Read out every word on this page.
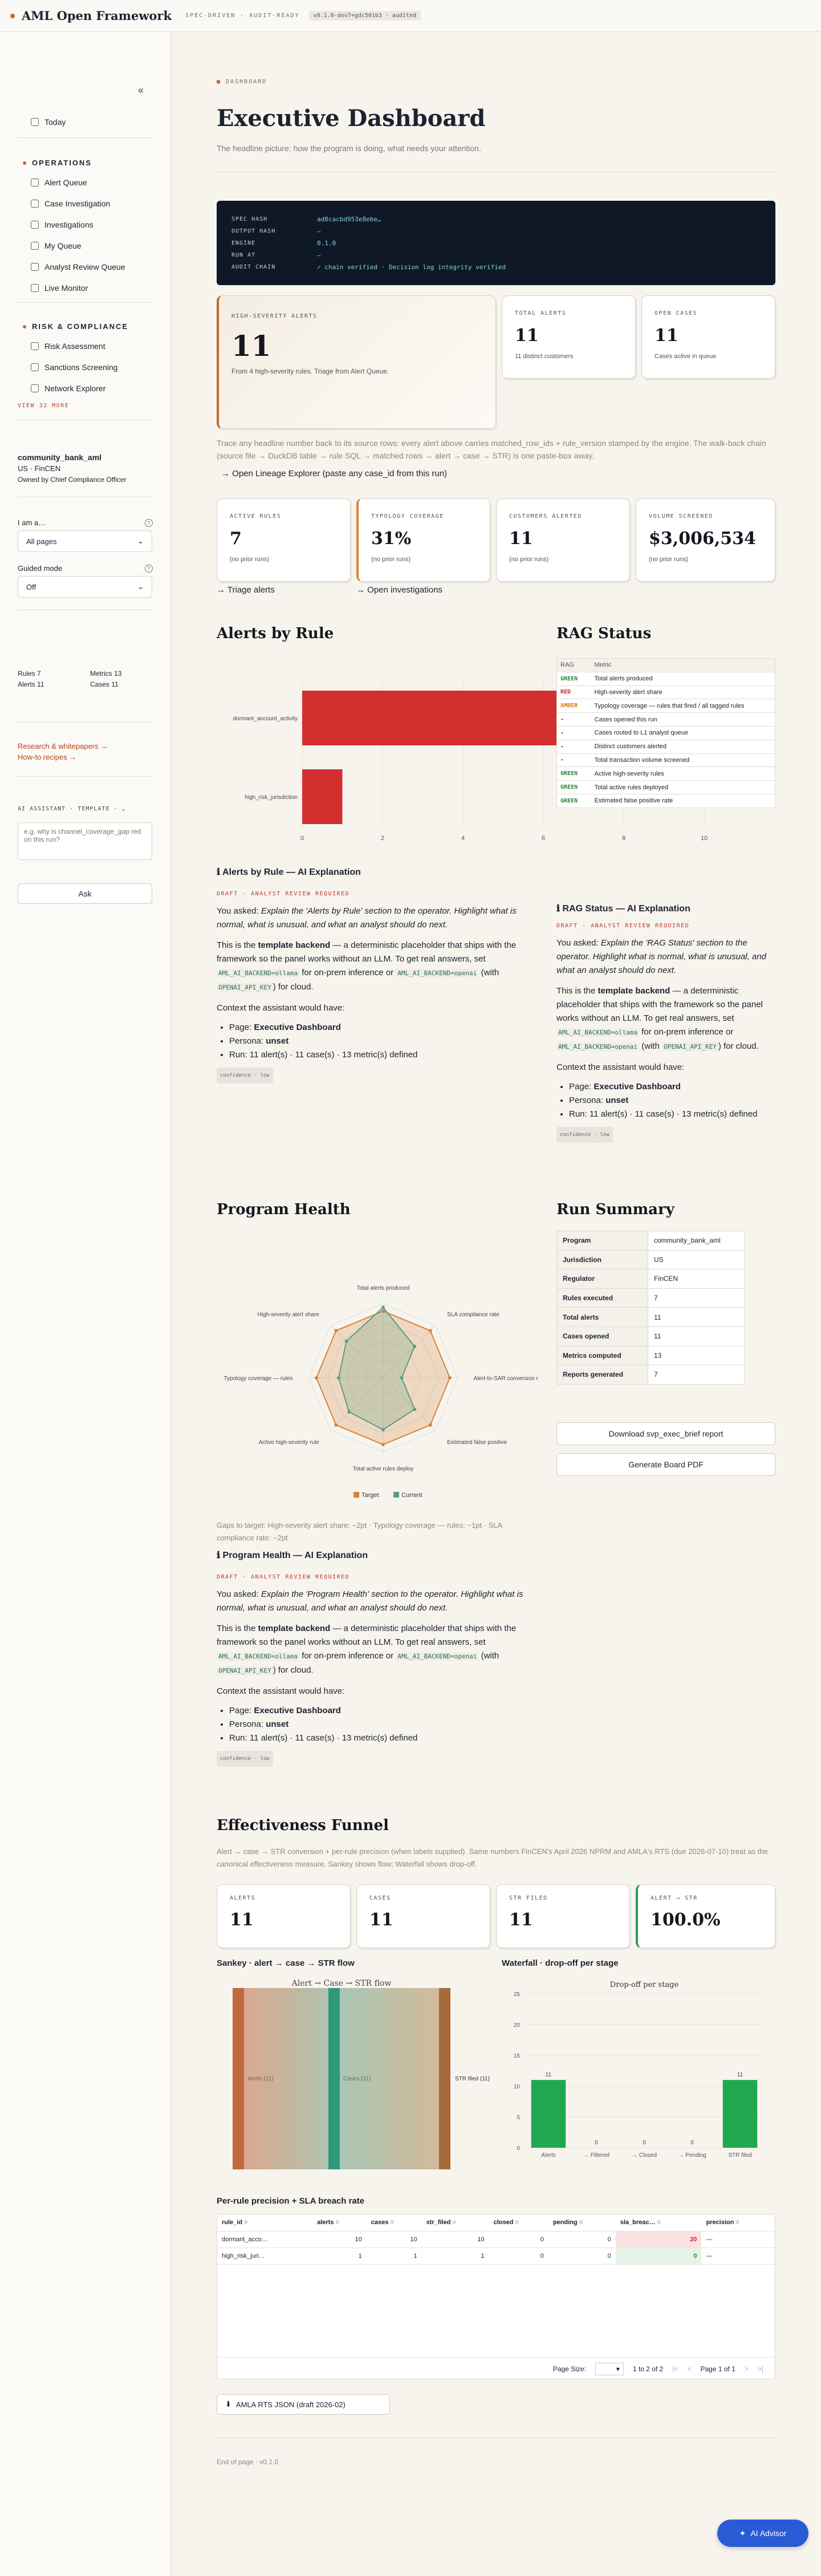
AML Open Framework SPEC-DRIVEN · AUDIT-READY	v0.1.0·dev7+gdc501b3 · audited
«
Today
OPERATIONS
Alert Queue
Case Investigation
Investigations
My Queue
Analyst Review Queue
Live Monitor
RISK & COMPLIANCE
Risk Assessment
Sanctions Screening
Network Explorer
VIEW 32 MORE
community_bank_aml
US · FinCEN
Owned by Chief Compliance Officer
I am a…	?
All pages	⌄
Guided mode	?
Off	⌄
Rules 7	Metrics 13
Alerts 11	Cases 11
Research & whitepapers →
How-to recipes →
AI ASSISTANT · TEMPLATE · ⌄
e.g. why is channel_coverage_gap red on this run?
Ask
■ DASHBOARD
Executive Dashboard
The headline picture: how the program is doing, what needs your attention.
SPEC HASH	ad0cacbd953e8ebe…
OUTPUT HASH	—
ENGINE	0.1.0
RUN AT	—
AUDIT CHAIN	✓ chain verified · Decision log integrity verified
HIGH-SEVERITY ALERTS
11
From 4 high-severity rules. Triage from Alert Queue.
TOTAL ALERTS
11
11 distinct customers
OPEN CASES
11
Cases active in queue
Trace any headline number back to its source rows: every alert above carries matched_row_ids + rule_version stamped by the engine. The walk-back chain (source file → DuckDB table → rule SQL → matched rows → alert → case → STR) is one paste-box away.
→ Open Lineage Explorer (paste any case_id from this run)
ACTIVE RULES
7
(no prior runs)
TYPOLOGY COVERAGE
31%
(no prior runs)
CUSTOMERS ALERTED
11
(no prior runs)
VOLUME SCREENED
$3,006,534
(no prior runs)
→ Triage alerts	→ Open investigations
Alerts by Rule
0	2	4	6	8	10
dormant_account_activity
high_risk_jurisdiction
ℹ Alerts by Rule — AI Explanation
DRAFT · ANALYST REVIEW REQUIRED

You asked: Explain the 'Alerts by Rule' section to the operator. Highlight what is normal, what is unusual, and what an analyst should do next.

This is the template backend — a deterministic placeholder that ships with the framework so the panel works without an LLM. To get real answers, set AML_AI_BACKEND=ollama for on-prem inference or AML_AI_BACKEND=openai (with OPENAI_API_KEY ) for cloud.

Context the assistant would have:

• Page: Executive Dashboard
• Persona: unset
• Run: 11 alert(s) · 11 case(s) · 13 metric(s) defined
confidence · low
RAG Status
RAG	Metric
GREEN	Total alerts produced
RED	High-severity alert share
AMBER	Typology coverage — rules that fired / all tagged rules
-	Cases opened this run
-	Cases routed to L1 analyst queue
-	Distinct customers alerted
-	Total transaction volume screened
GREEN	Active high-severity rules
GREEN	Total active rules deployed
GREEN	Estimated false positive rate
ℹ RAG Status — AI Explanation
DRAFT · ANALYST REVIEW REQUIRED

You asked: Explain the 'RAG Status' section to the operator. Highlight what is normal, what is unusual, and what an analyst should do next.

This is the template backend — a deterministic placeholder that ships with the framework so the panel works without an LLM. To get real answers, set AML_AI_BACKEND=ollama for on-prem inference or AML_AI_BACKEND=openai (with OPENAI_API_KEY ) for cloud.

Context the assistant would have:

• Page: Executive Dashboard
• Persona: unset
• Run: 11 alert(s) · 11 case(s) · 13 metric(s) defined
confidence · low
Program Health
Total alerts produced
SLA compliance rate
Alert-to-SAR conversion r
Estimated false positive
Total active rules deploy
Active high-severity rule
Typology coverage — rules
High-severity alert share
Target	Current
Gaps to target: High-severity alert share: ~2pt · Typology coverage — rules: ~1pt · SLA compliance rate: ~2pt
ℹ Program Health — AI Explanation
DRAFT · ANALYST REVIEW REQUIRED

You asked: Explain the 'Program Health' section to the operator. Highlight what is normal, what is unusual, and what an analyst should do next.

This is the template backend — a deterministic placeholder that ships with the framework so the panel works without an LLM. To get real answers, set AML_AI_BACKEND=ollama for on-prem inference or AML_AI_BACKEND=openai (with OPENAI_API_KEY ) for cloud.

Context the assistant would have:

• Page: Executive Dashboard
• Persona: unset
• Run: 11 alert(s) · 11 case(s) · 13 metric(s) defined
confidence · low
Run Summary
Program	community_bank_aml
Jurisdiction	US
Regulator	FinCEN
Rules executed	7
Total alerts	11
Cases opened	11
Metrics computed	13
Reports generated	7
Download svp_exec_brief report
Generate Board PDF
Effectiveness Funnel
Alert → case → STR conversion + per-rule precision (when labels supplied). Same numbers FinCEN's April 2026 NPRM and AMLA's RTS (due 2026-07-10) treat as the canonical effectiveness measure. Sankey shows flow; Waterfall shows drop-off.
ALERTS
11
CASES
11
STR FILED
11
ALERT → STR
100.0%
Sankey · alert → case → STR flow
Alerts (11)	Cases (11)	STR filed (11)
Alert → Case → STR flow
Waterfall · drop-off per stage
Drop-off per stage
0
5
10
15
20
25
11
Alerts
0
→ Filtered
0
→ Closed
0
→ Pending
11
STR filed
Per-rule precision + SLA breach rate
rule_id ≡	alerts ≡	cases ≡	str_filed ≡	closed ≡	pending ≡	sla_breac… ≡	precision ≡
dormant_acco…	10	10	10	0	0	20	—
high_risk_juri…	1	1	1	0	0	0	—
Page Size:	▾	1 to 2 of 2 |< < Page 1 of 1 > >|
⬇ AMLA RTS JSON (draft 2026-02)
End of page · v0.1.0
✦ AI Advisor
